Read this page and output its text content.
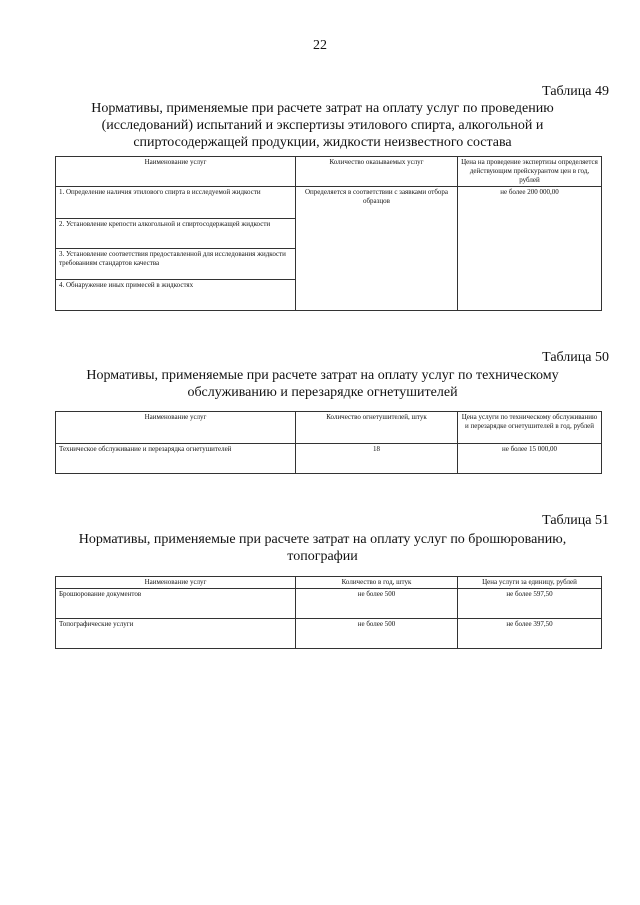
22
Таблица 49
Нормативы, применяемые при расчете затрат на оплату услуг по проведению (исследований) испытаний и экспертизы этилового спирта, алкогольной и спиртосодержащей продукции, жидкости неизвестного состава
Наименование услуг	Количество оказываемых услуг	Цена на проведение экспертизы определяется действующим прейскурантом цен в год, рублей
1. Определение наличия этилового спирта в исследуемой жидкости	Определяется в соответствии с заявками отбора образцов	не более 200 000,00
2. Установление крепости алкогольной и спиртосодержащей жидкости		
3. Установление соответствия предоставленной для исследования жидкости требованиям стандартов качества		
4. Обнаружение иных примесей в жидкостях		
Таблица 50
Нормативы, применяемые при расчете затрат на оплату услуг по техническому обслуживанию и перезарядке огнетушителей
Наименование услуг	Количество огнетушителей, штук	Цена услуги по техническому обслуживанию и перезарядке огнетушителей в год, рублей
Техническое обслуживание и перезарядка огнетушителей	18	не более 15 000,00
Таблица 51
Нормативы, применяемые при расчете затрат на оплату услуг по брошюрованию, топографии
Наименование услуг	Количество в год, штук	Цена услуги за единицу, рублей
Брошюрование документов	не более 500	не более 597,50
Топографические услуги	не более 500	не более 397,50
